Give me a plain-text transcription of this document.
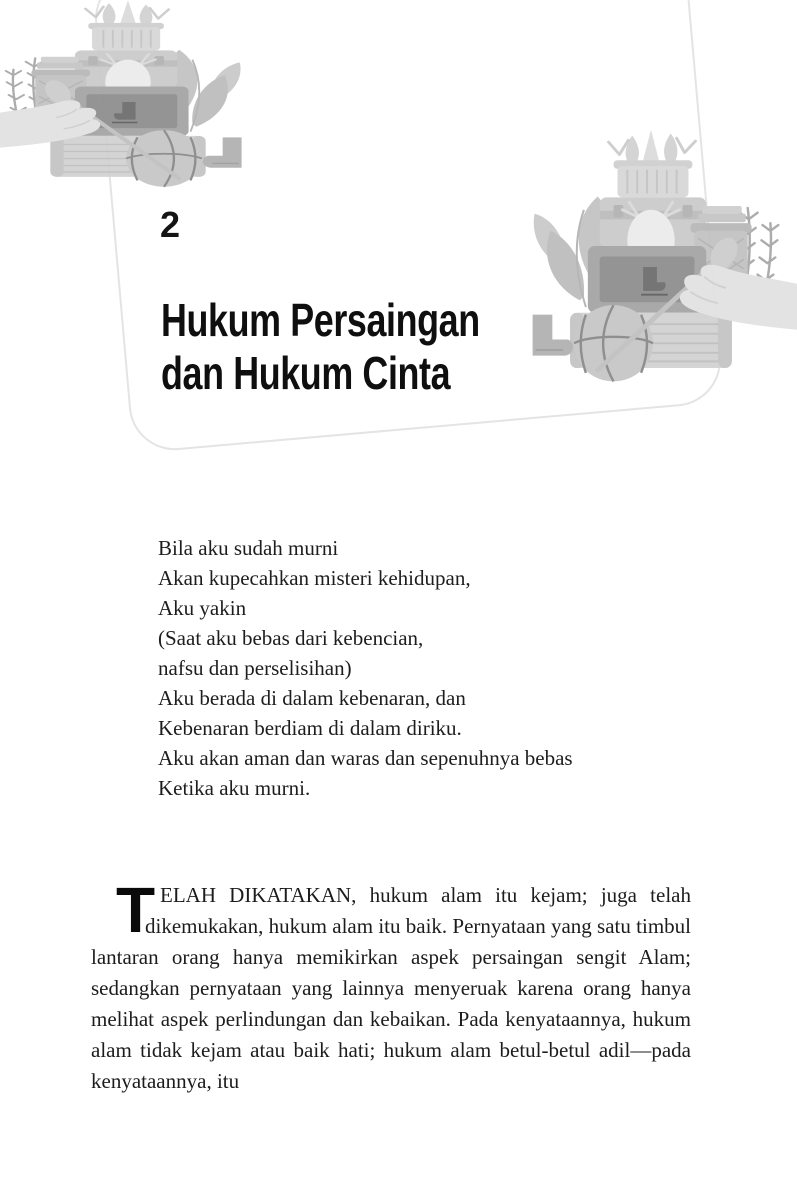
2
Hukum Persaingan
dan Hukum Cinta
Bila aku sudah murni
Akan kupecahkan misteri kehidupan,
Aku yakin
(Saat aku bebas dari kebencian,
nafsu dan perselisihan)
Aku berada di dalam kebenaran, dan
Kebenaran berdiam di dalam diriku.
Aku akan aman dan waras dan sepenuhnya bebas
Ketika aku murni.

TELAH DIKATAKAN, hukum alam itu kejam; juga telah dikemukakan, hukum alam itu baik. Pernyataan yang satu timbul lantaran orang hanya memikirkan aspek persaingan sengit Alam; sedangkan pernyataan yang lainnya menyeruak karena orang hanya melihat aspek perlindungan dan kebaikan. Pada kenyataannya, hukum alam tidak kejam atau baik hati; hukum alam betul-betul adil—pada kenyataannya, itu
